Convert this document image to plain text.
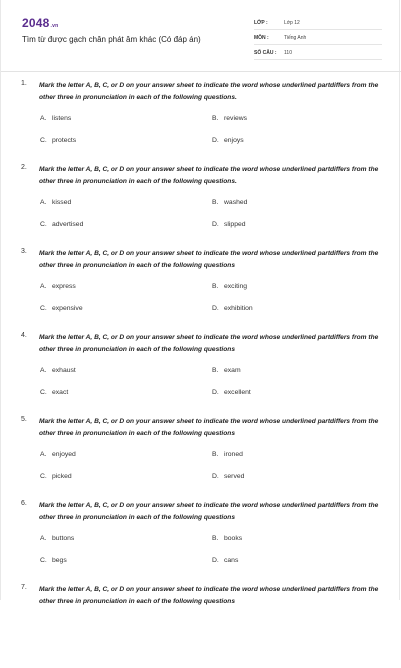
2048.vn
Tìm từ được gạch chân phát âm khác (Có đáp án)
LỚP :	Lớp 12
MÔN :	Tiếng Anh
SỐ CÂU :	110
1. Mark the letter A, B, C, or D on your answer sheet to indicate the word whose underlined partdiffers from the other three in pronunciation in each of the following questions.
A. listens	B. reviews
C. protects	D. enjoys
2. Mark the letter A, B, C, or D on your answer sheet to indicate the word whose underlined partdiffers from the other three in pronunciation in each of the following questions.
A. kissed	B. washed
C. advertised	D. slipped
3. Mark the letter A, B, C, or D on your answer sheet to indicate the word whose underlined partdiffers from the other three in pronunciation in each of the following questions
A. express	B. exciting
C. expensive	D. exhibition
4. Mark the letter A, B, C, or D on your answer sheet to indicate the word whose underlined partdiffers from the other three in pronunciation in each of the following questions
A. exhaust	B. exam
C. exact	D. excellent
5. Mark the letter A, B, C, or D on your answer sheet to indicate the word whose underlined partdiffers from the other three in pronunciation in each of the following questions
A. enjoyed	B. ironed
C. picked	D. served
6. Mark the letter A, B, C, or D on your answer sheet to indicate the word whose underlined partdiffers from the other three in pronunciation in each of the following questions
A. buttons	B. books
C. begs	D. cans
7. Mark the letter A, B, C, or D on your answer sheet to indicate the word whose underlined partdiffers from the other three in pronunciation in each of the following questions
